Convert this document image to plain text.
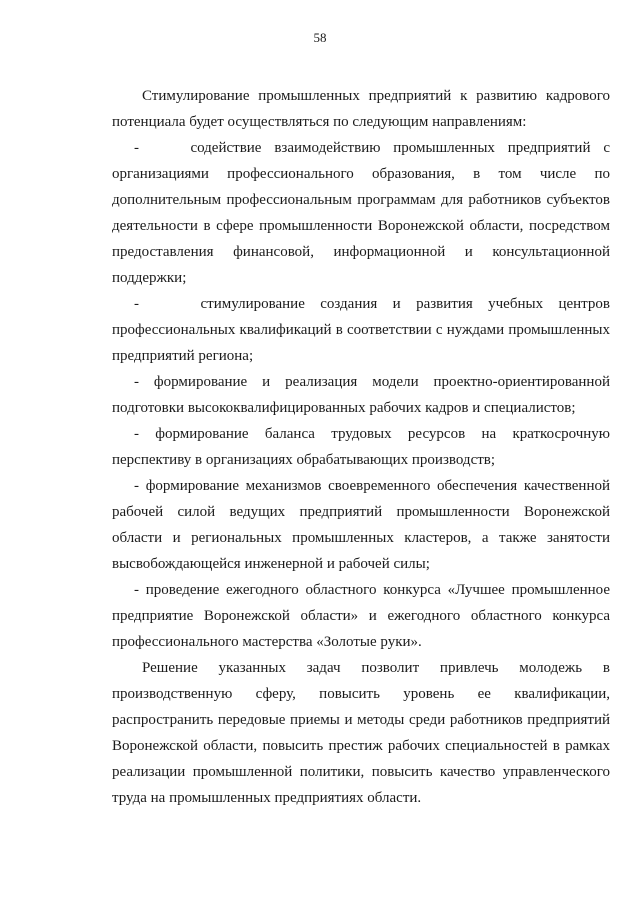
58

Стимулирование промышленных предприятий к развитию кадрового потенциала будет осуществляться по следующим направлениям:

-    содействие взаимодействию промышленных предприятий с организациями профессионального образования, в том числе по дополнительным профессиональным программам для работников субъектов деятельности в сфере промышленности Воронежской области, посредством предоставления финансовой, информационной и консультационной поддержки;

-    стимулирование создания и развития учебных центров профессиональных квалификаций в соответствии с нуждами промышленных предприятий региона;

- формирование и реализация модели проектно-ориентированной подготовки высококвалифицированных рабочих кадров и специалистов;

- формирование баланса трудовых ресурсов на краткосрочную перспективу в организациях обрабатывающих производств;

- формирование механизмов своевременного обеспечения качественной рабочей силой ведущих предприятий промышленности Воронежской области и региональных промышленных кластеров, а также занятости высвобождающейся инженерной и рабочей силы;

- проведение ежегодного областного конкурса «Лучшее промышленное предприятие Воронежской области» и ежегодного областного конкурса профессионального мастерства «Золотые руки».

Решение указанных задач позволит привлечь молодежь в производственную сферу, повысить уровень ее квалификации, распространить передовые приемы и методы среди работников предприятий Воронежской области, повысить престиж рабочих специальностей в рамках реализации промышленной политики, повысить качество управленческого труда на промышленных предприятиях области.
